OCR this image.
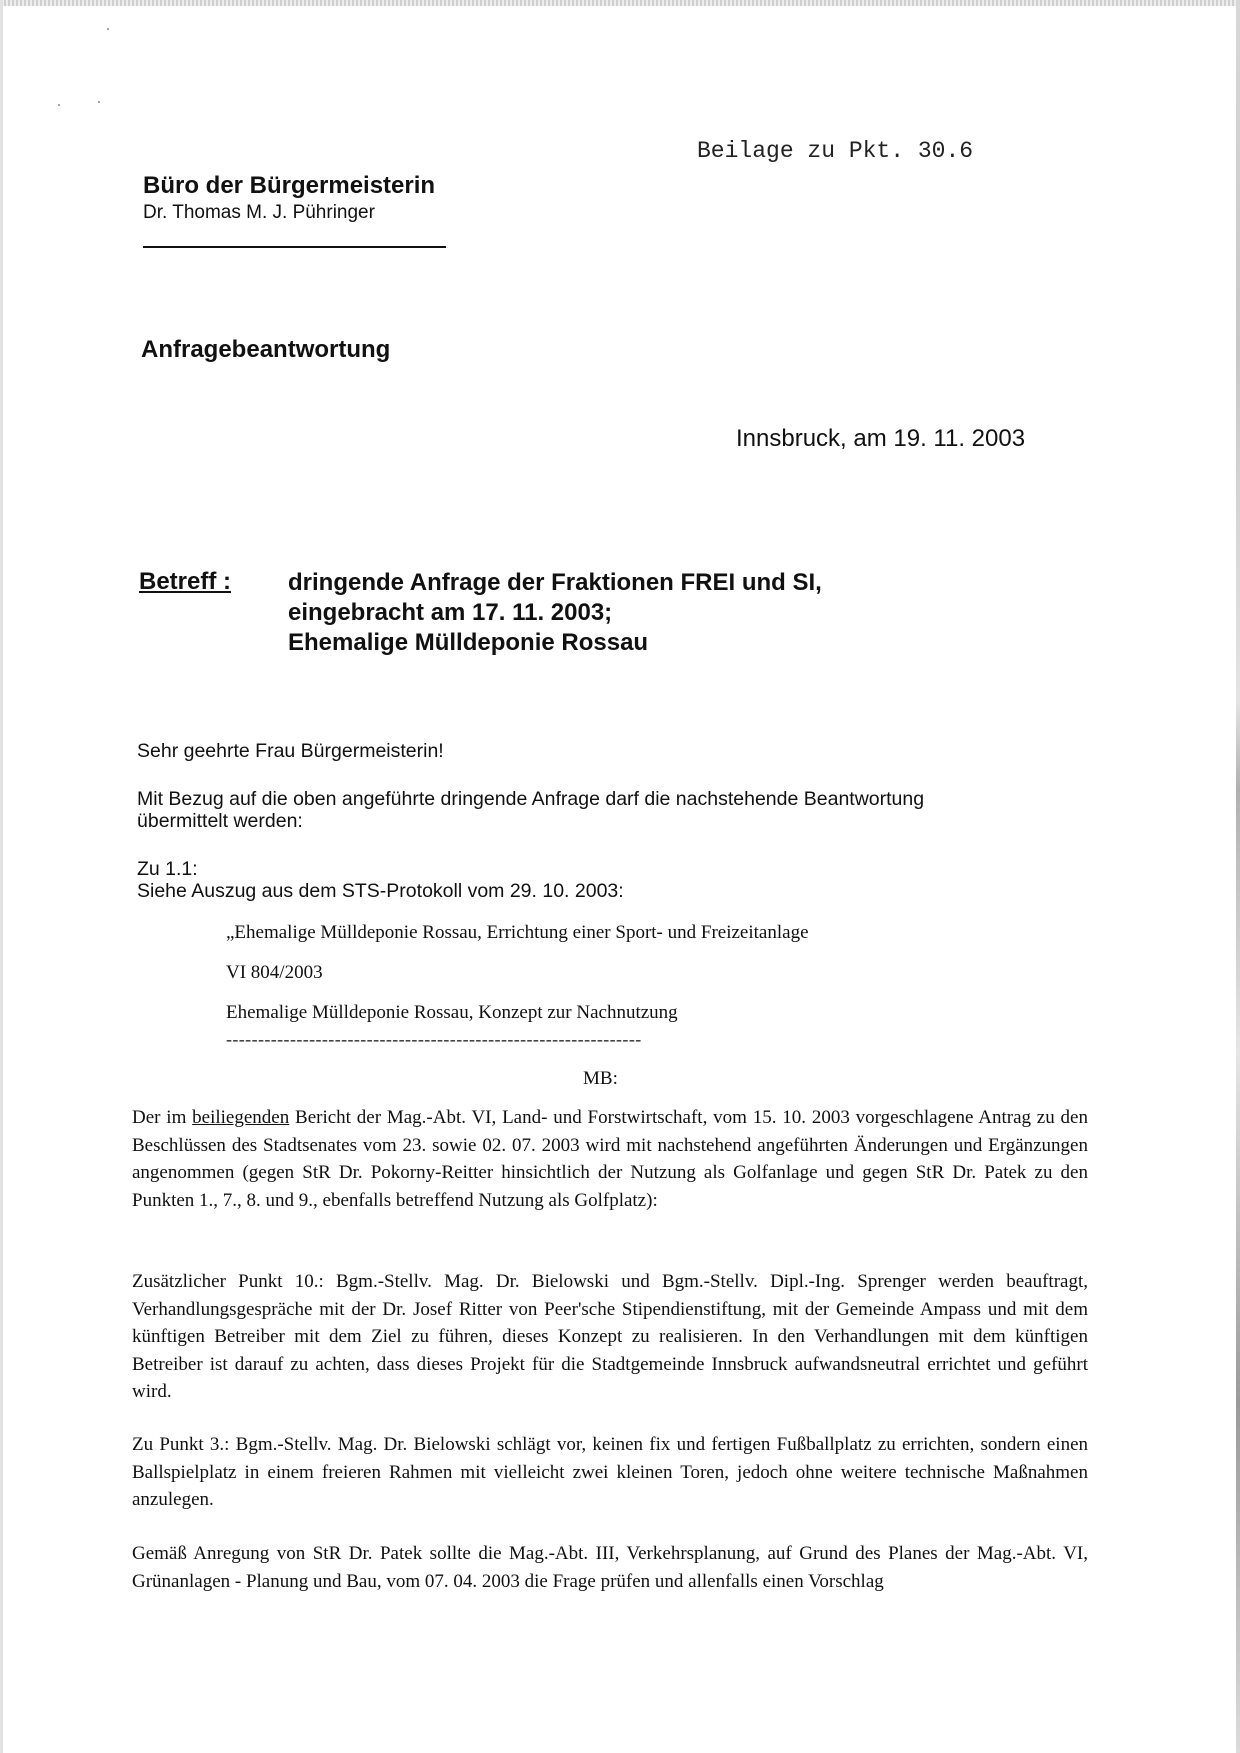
Beilage zu Pkt. 30.6
Büro der Bürgermeisterin
Dr. Thomas M. J. Pühringer
Anfragebeantwortung
Innsbruck, am 19. 11. 2003
Betreff : dringende Anfrage der Fraktionen FREI und SI,
eingebracht am 17. 11. 2003;
Ehemalige Mülldeponie Rossau
Sehr geehrte Frau Bürgermeisterin!
Mit Bezug auf die oben angeführte dringende Anfrage darf die nachstehende Beantwortung übermittelt werden:
Zu 1.1:
Siehe Auszug aus dem STS-Protokoll vom 29. 10. 2003:
„Ehemalige Mülldeponie Rossau, Errichtung einer Sport- und Freizeitanlage
VI 804/2003
Ehemalige Mülldeponie Rossau, Konzept zur Nachnutzung
-----------------------------------------------------------------
MB:

Der im beiliegenden Bericht der Mag.-Abt. VI, Land- und Forstwirtschaft, vom 15. 10. 2003 vorgeschlagene Antrag zu den Beschlüssen des Stadtsenates vom 23. sowie 02. 07. 2003 wird mit nachstehend angeführten Änderungen und Ergänzungen angenommen (gegen StR Dr. Pokorny-Reitter hinsichtlich der Nutzung als Golfanlage und gegen StR Dr. Patek zu den Punkten 1., 7., 8. und 9., ebenfalls betreffend Nutzung als Golfplatz):

Zusätzlicher Punkt 10.: Bgm.-Stellv. Mag. Dr. Bielowski und Bgm.-Stellv. Dipl.-Ing. Sprenger werden beauftragt, Verhandlungsgespräche mit der Dr. Josef Ritter von Peer'sche Stipendienstiftung, mit der Gemeinde Ampass und mit dem künftigen Betreiber mit dem Ziel zu führen, dieses Konzept zu realisieren. In den Verhandlungen mit dem künftigen Betreiber ist darauf zu achten, dass dieses Projekt für die Stadtgemeinde Innsbruck aufwandsneutral errichtet und geführt wird.

Zu Punkt 3.: Bgm.-Stellv. Mag. Dr. Bielowski schlägt vor, keinen fix und fertigen Fußballplatz zu errichten, sondern einen Ballspielplatz in einem freieren Rahmen mit vielleicht zwei kleinen Toren, jedoch ohne weitere technische Maßnahmen anzulegen.

Gemäß Anregung von StR Dr. Patek sollte die Mag.-Abt. III, Verkehrsplanung, auf Grund des Planes der Mag.-Abt. VI, Grünanlagen - Planung und Bau, vom 07. 04. 2003 die Frage prüfen und allenfalls einen Vorschlag
